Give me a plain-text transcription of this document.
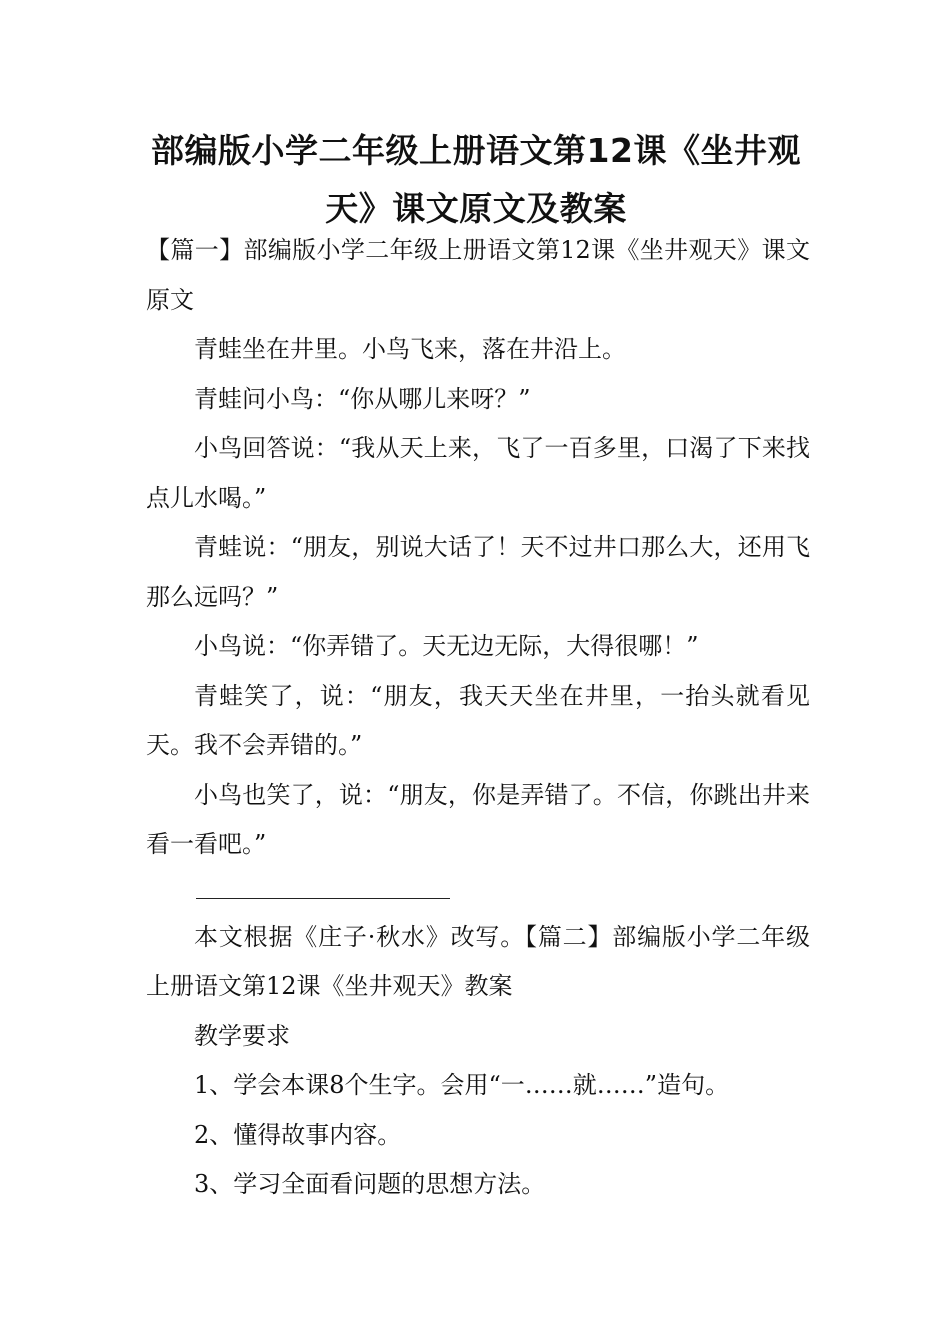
部编版小学二年级上册语文第12课《坐井观天》课文原文及教案

【篇一】部编版小学二年级上册语文第12课《坐井观天》课文原文

青蛙坐在井里。小鸟飞来，落在井沿上。

青蛙问小鸟：“你从哪儿来呀？”

小鸟回答说：“我从天上来，飞了一百多里，口渴了下来找点儿水喝。”

青蛙说：“朋友，别说大话了！天不过井口那么大，还用飞那么远吗？”

小鸟说：“你弄错了。天无边无际，大得很哪！”

青蛙笑了，说：“朋友，我天天坐在井里，一抬头就看见天。我不会弄错的。”

小鸟也笑了，说：“朋友，你是弄错了。不信，你跳出井来看一看吧。”

本文根据《庄子·秋水》改写。【篇二】部编版小学二年级上册语文第12课《坐井观天》教案

教学要求

1、学会本课8个生字。会用“一……就……”造句。

2、懂得故事内容。

3、学习全面看问题的思想方法。
